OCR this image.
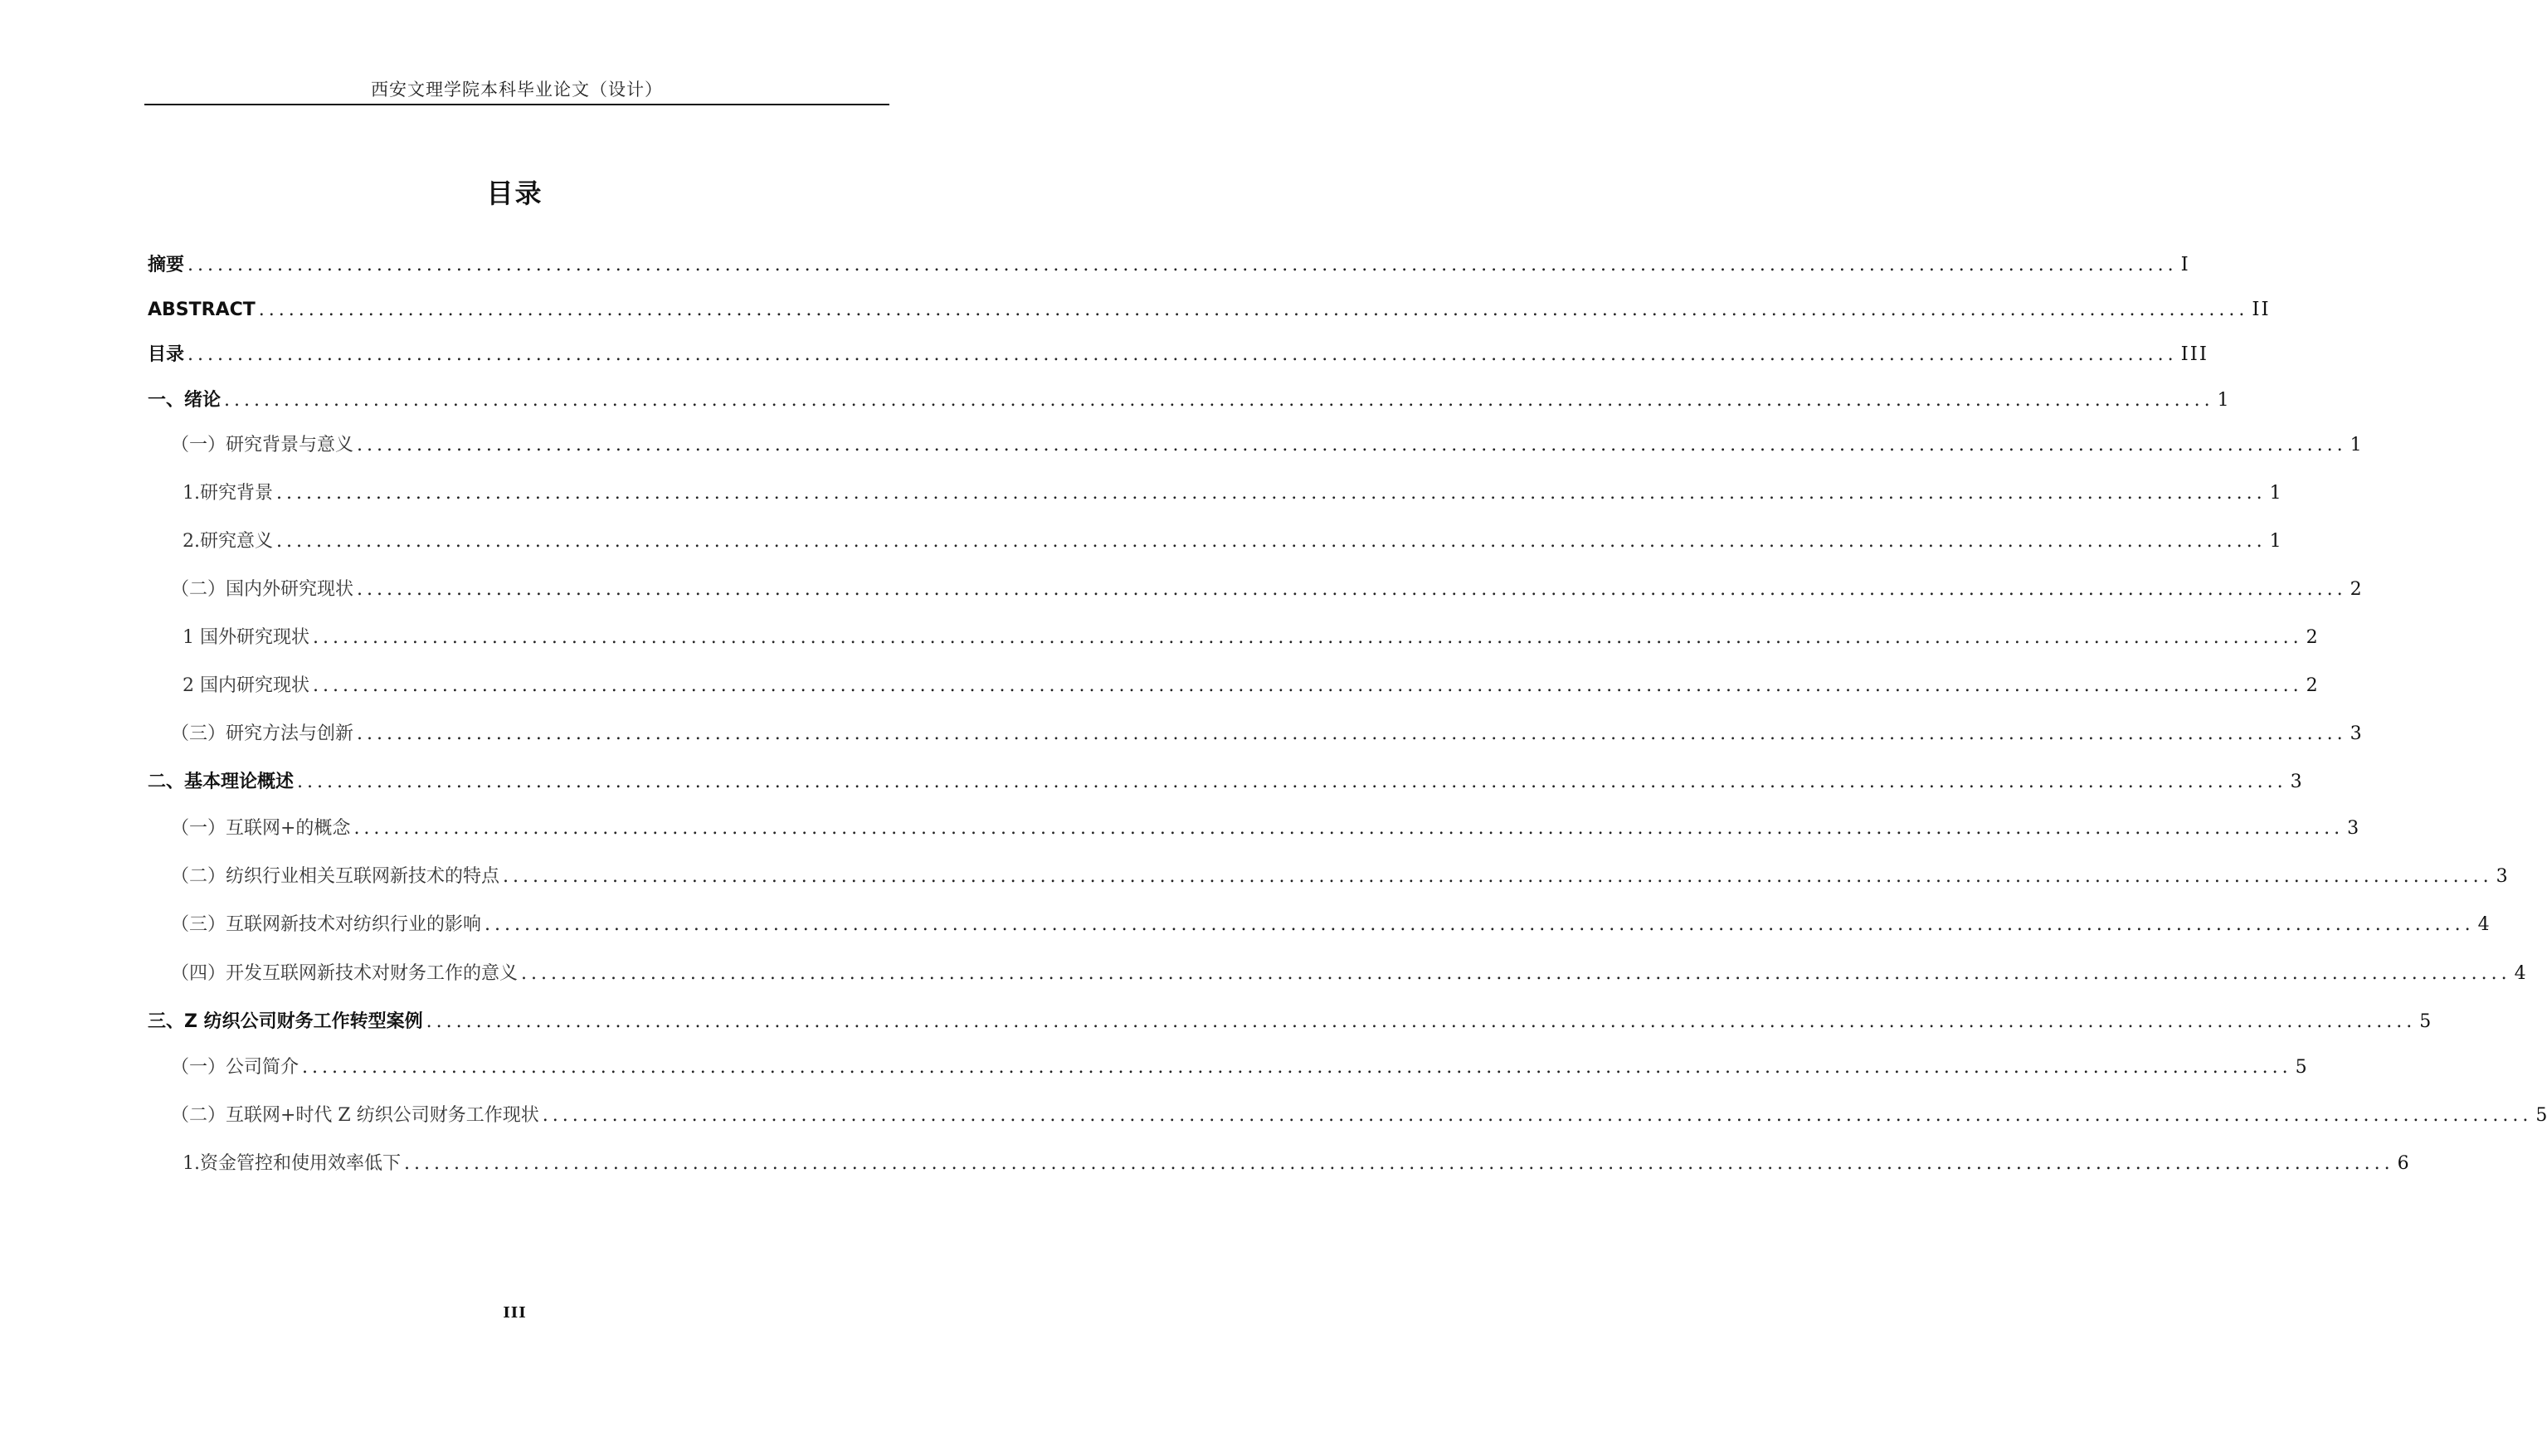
西安文理学院本科毕业论文（设计）
目录
摘要 ........................................................................................................................................................................................................ I
ABSTRACT ........................................................................................................................................................................................................ II
目录 ........................................................................................................................................................................................................ III
一、绪论 ........................................................................................................................................................................................................ 1
（一）研究背景与意义 ........................................................................................................................................................................................................ 1
1.研究背景 ........................................................................................................................................................................................................ 1
2.研究意义 ........................................................................................................................................................................................................ 1
（二）国内外研究现状 ........................................................................................................................................................................................................ 2
1 国外研究现状 ........................................................................................................................................................................................................ 2
2 国内研究现状 ........................................................................................................................................................................................................ 2
（三）研究方法与创新 ........................................................................................................................................................................................................ 3
二、基本理论概述 ........................................................................................................................................................................................................ 3
（一）互联网+的概念 ........................................................................................................................................................................................................ 3
（二）纺织行业相关互联网新技术的特点 ........................................................................................................................................................................................................ 3
（三）互联网新技术对纺织行业的影响 ........................................................................................................................................................................................................ 4
（四）开发互联网新技术对财务工作的意义 ........................................................................................................................................................................................................ 4
三、Z 纺织公司财务工作转型案例 ........................................................................................................................................................................................................ 5
（一）公司简介 ........................................................................................................................................................................................................ 5
（二）互联网+时代 Z 纺织公司财务工作现状 ........................................................................................................................................................................................................ 5
1.资金管控和使用效率低下 ........................................................................................................................................................................................................ 6
III
